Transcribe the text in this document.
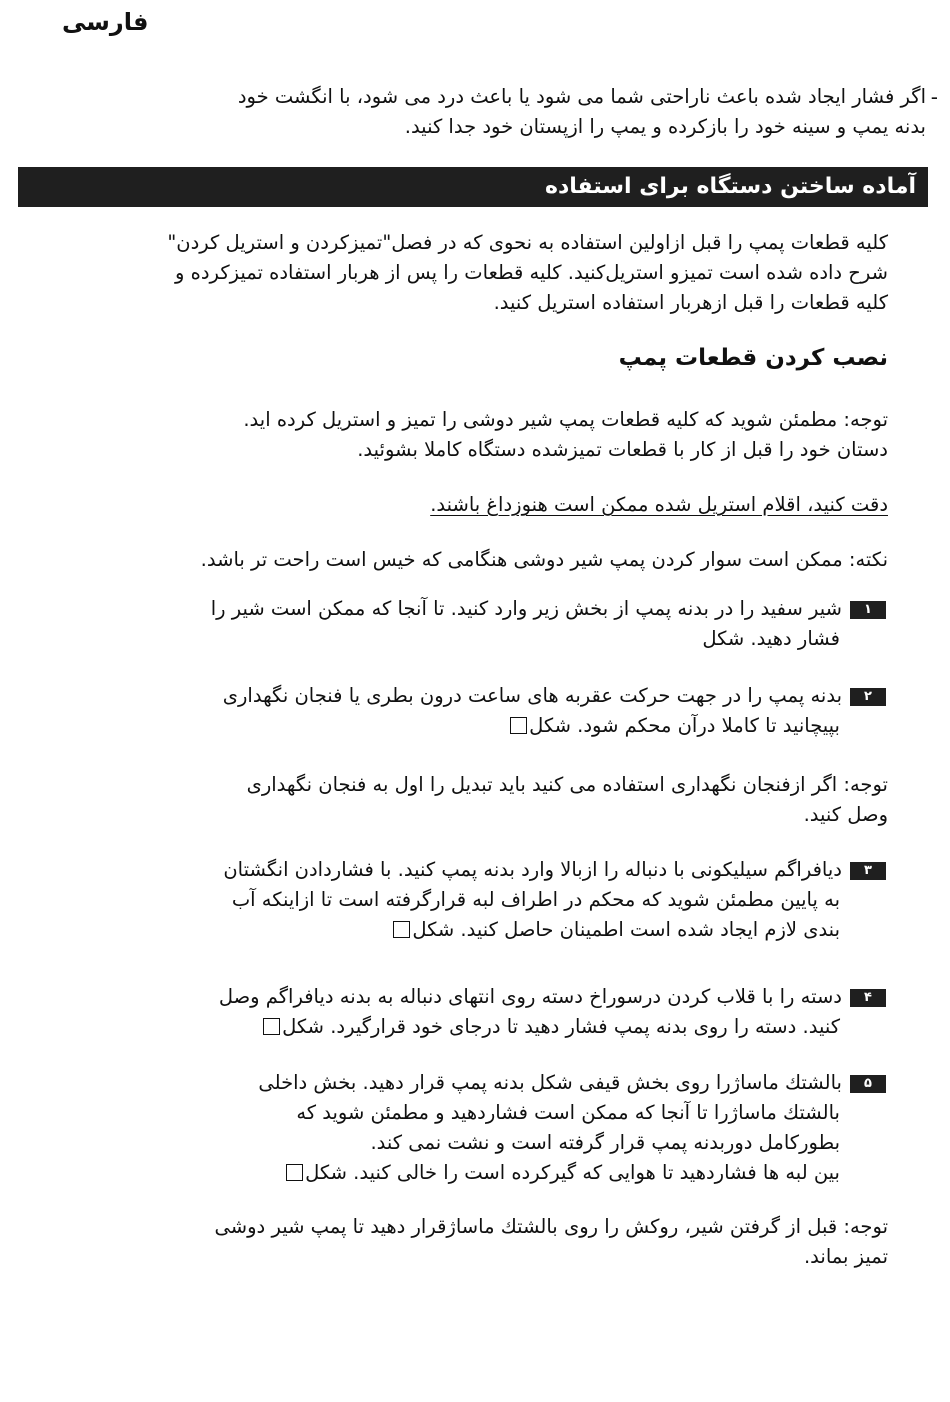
فارسی
-
اگر فشار ایجاد شده باعث ناراحتی شما می شود یا باعث درد می شود، با انگشت خود
بدنه یمپ و سینه خود را بازکرده و یمپ را ازپستان خود جدا کنید.
آماده ساختن دستگاه برای استفاده
کلیه قطعات پمپ را قبل ازاولین استفاده به نحوی که در فصل"تمیزکردن و استریل کردن"
شرح داده شده است تمیزو استریل‌کنید. کلیه قطعات را پس از هربار استفاده تمیزکرده و
کلیه قطعات را قبل ازهربار استفاده استریل کنید.
نصب کردن قطعات پمپ
توجه: مطمئن شوید که کلیه قطعات پمپ شیر دوشی را تمیز و استریل کرده اید.
دستان خود را قبل از کار با قطعات تمیزشده دستگاه کاملا بشوئید.
دقت کنید، اقلام استریل شده ممکن است هنوزداغ باشند.
نکته: ممکن است سوار کردن پمپ شیر دوشی هنگامی که خیس است راحت تر باشد.
۱شیر سفید را در بدنه پمپ از بخش زیر وارد کنید. تا آنجا که ممکن است شیر را
فشار دهید. شکل
۲بدنه پمپ را در جهت حرکت عقربه های ساعت درون بطری یا فنجان نگهداری
بپیچانید تا کاملا درآن محکم شود. شکل
توجه: اگر ازفنجان نگهداری استفاده می کنید باید تبدیل را اول به فنجان نگهداری
وصل کنید.
۳دیافراگم سیلیکونی با دنباله را ازبالا وارد بدنه پمپ کنید. با فشاردادن انگشتان
به پایین مطمئن شوید که محکم در اطراف لبه قرارگرفته است تا ازاینکه آب
بندی لازم ایجاد شده است اطمینان حاصل کنید. شکل
۴دسته را با قلاب کردن درسوراخ دسته روی انتهای دنباله به بدنه دیافراگم وصل
کنید. دسته را روی بدنه پمپ فشار دهید تا درجای خود قرارگیرد. شکل
۵بالشتك ماساژرا روی بخش قيفی شكل بدنه پمپ قرار دهيد. بخش داخلی
بالشتك ماساژرا تا آنجا که ممکن است فشاردهید و مطمئن شويد که
بطوركامل دوربدنه پمپ قرار گرفته است و نشت نمی کند.
بين لبه ها فشاردهيد تا هوايی كه گيركرده است را خالی كنيد. شكل
توجه: قبل از گرفتن شير، روكش را روی بالشتك ماساژقرار دهيد تا پمپ شير دوشی
تميز بماند.
